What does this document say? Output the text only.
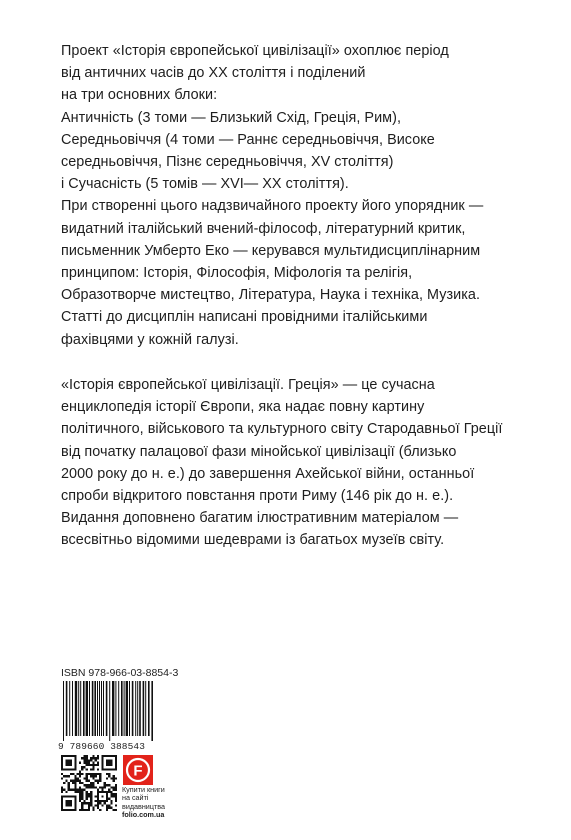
Проект «Історія європейської цивілізації» охоплює період
від античних часів до XX століття і поділений
на три основних блоки:
Античність (3 томи — Близький Схід, Греція, Рим),
Середньовіччя (4 томи — Раннє середньовіччя, Високе
середньовіччя, Пізнє середньовіччя, XV століття)
і Сучасність (5 томів — XVI— XX століття).
При створенні цього надзвичайного проекту його упорядник —
видатний італійський вчений-філософ, літературний критик,
письменник Умберто Еко — керувався мультидисциплінарним
принципом: Історія, Філософія, Міфологія та релігія,
Образотворче мистецтво, Література, Наука і техніка, Музика.
Статті до дисциплін написані провідними італійськими
фахівцями у кожній галузі.
«Історія європейської цивілізації. Греція» — це сучасна
енциклопедія історії Європи, яка надає повну картину
політичного, військового та культурного світу Стародавньої Греції
від початку палацової фази мінойської цивілізації (близько
2000 року до н. е.) до завершення Ахейської війни, останньої
спроби відкритого повстання проти Риму (146 рік до н. е.).
Видання доповнено багатим ілюстративним матеріалом —
всесвітньо відомими шедеврами із багатьох музеїв світу.
ISBN 978-966-03-8854-3
9 789660 388543
F
Купити книги
на сайті
видавництва
folio.com.ua
